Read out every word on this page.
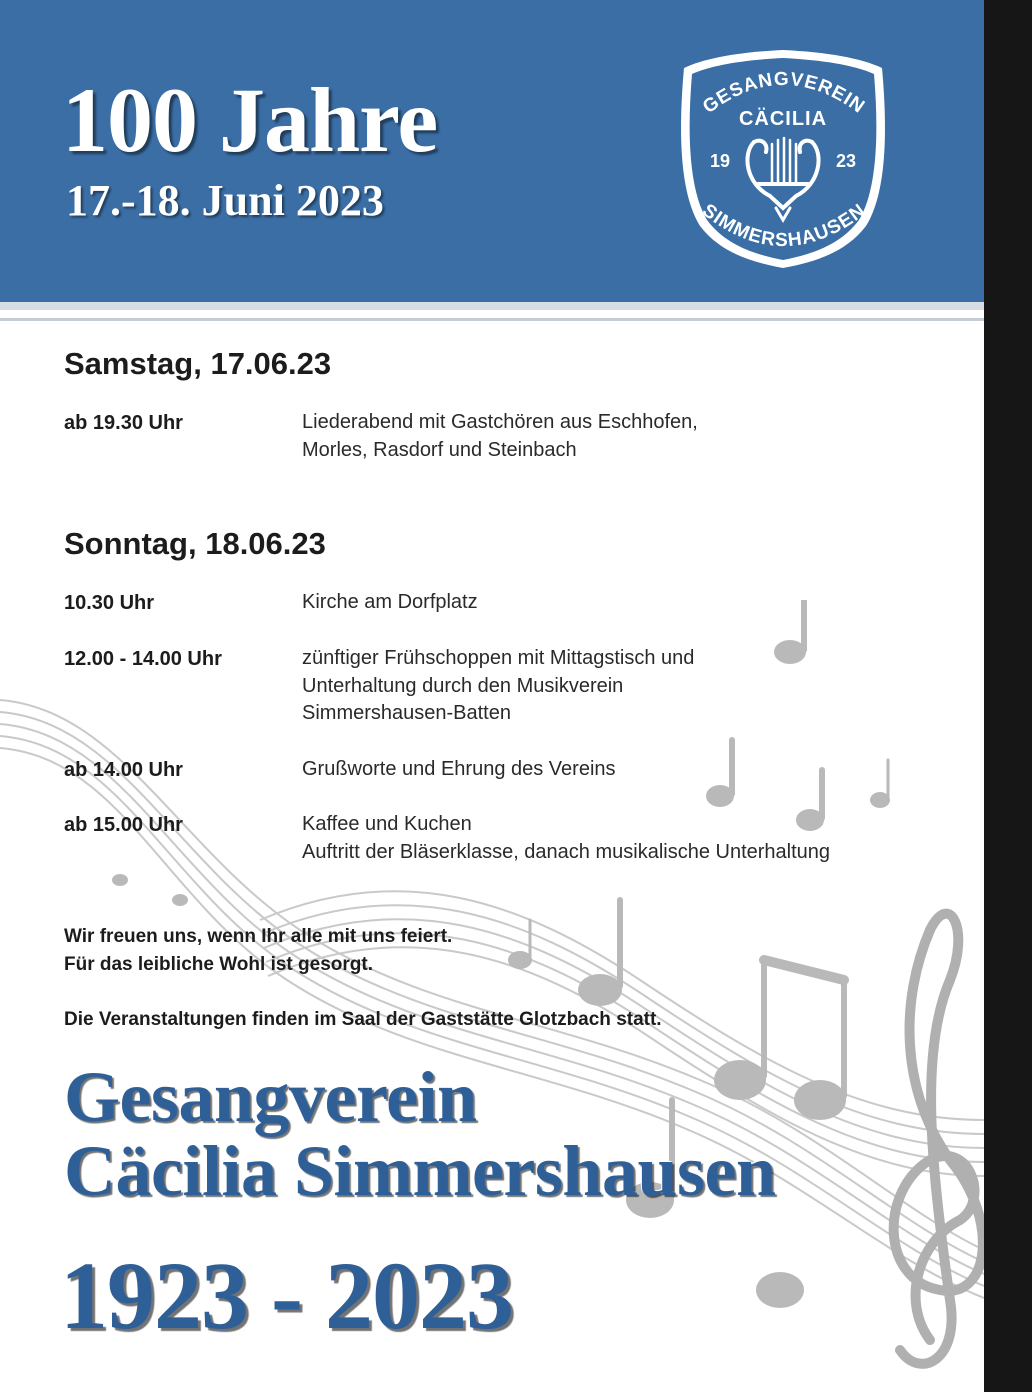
100 Jahre
17.-18. Juni 2023
GESANGVEREIN
CÄCILIA
19	23
SIMMERSHAUSEN
Samstag, 17.06.23
ab 19.30 Uhr	Liederabend mit Gastchören aus Eschhofen,
Morles, Rasdorf und Steinbach
Sonntag, 18.06.23
10.30 Uhr	Kirche am Dorfplatz
12.00 - 14.00 Uhr	zünftiger Frühschoppen mit Mittagstisch und
Unterhaltung durch den Musikverein
Simmershausen-Batten
ab 14.00 Uhr	Grußworte und Ehrung des Vereins
ab 15.00 Uhr	Kaffee und Kuchen
Auftritt der Bläserklasse, danach musikalische Unterhaltung
Wir freuen uns, wenn Ihr alle mit uns feiert.
Für das leibliche Wohl ist gesorgt.
Die Veranstaltungen finden im Saal der Gaststätte Glotzbach statt.
Gesangverein
Cäcilia Simmershausen
1923 - 2023
